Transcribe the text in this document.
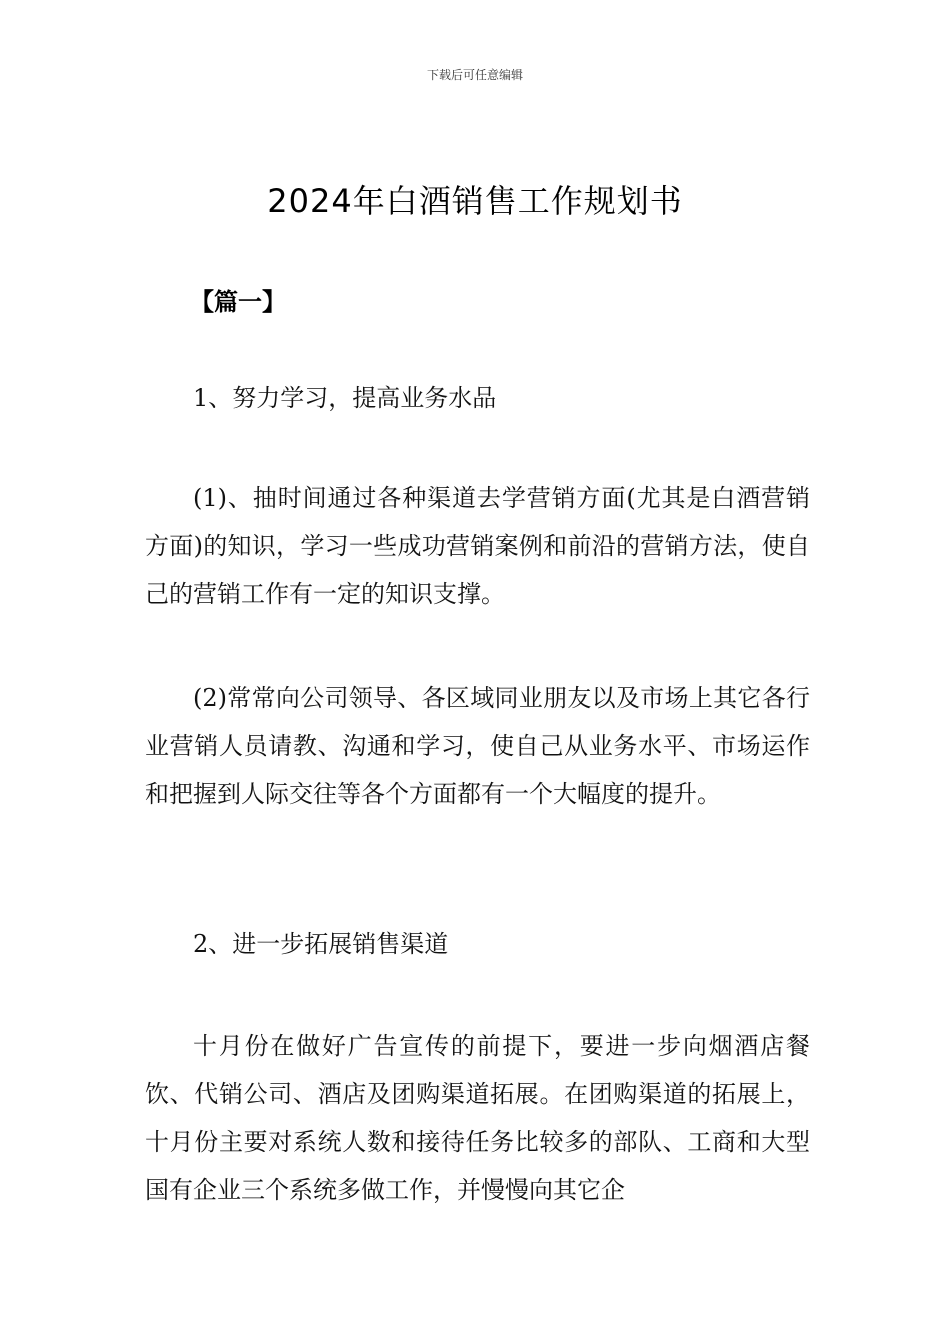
下载后可任意编辑
2024年白酒销售工作规划书
【篇一】

1、努力学习，提高业务水品

(1)、抽时间通过各种渠道去学营销方面(尤其是白酒营销方面)的知识，学习一些成功营销案例和前沿的营销方法，使自己的营销工作有一定的知识支撑。

(2)常常向公司领导、各区域同业朋友以及市场上其它各行业营销人员请教、沟通和学习，使自己从业务水平、市场运作和把握到人际交往等各个方面都有一个大幅度的提升。

2、进一步拓展销售渠道

十月份在做好广告宣传的前提下，要进一步向烟酒店餐饮、代销公司、酒店及团购渠道拓展。在团购渠道的拓展上，十月份主要对系统人数和接待任务比较多的部队、工商和大型国有企业三个系统多做工作，并慢慢向其它企
